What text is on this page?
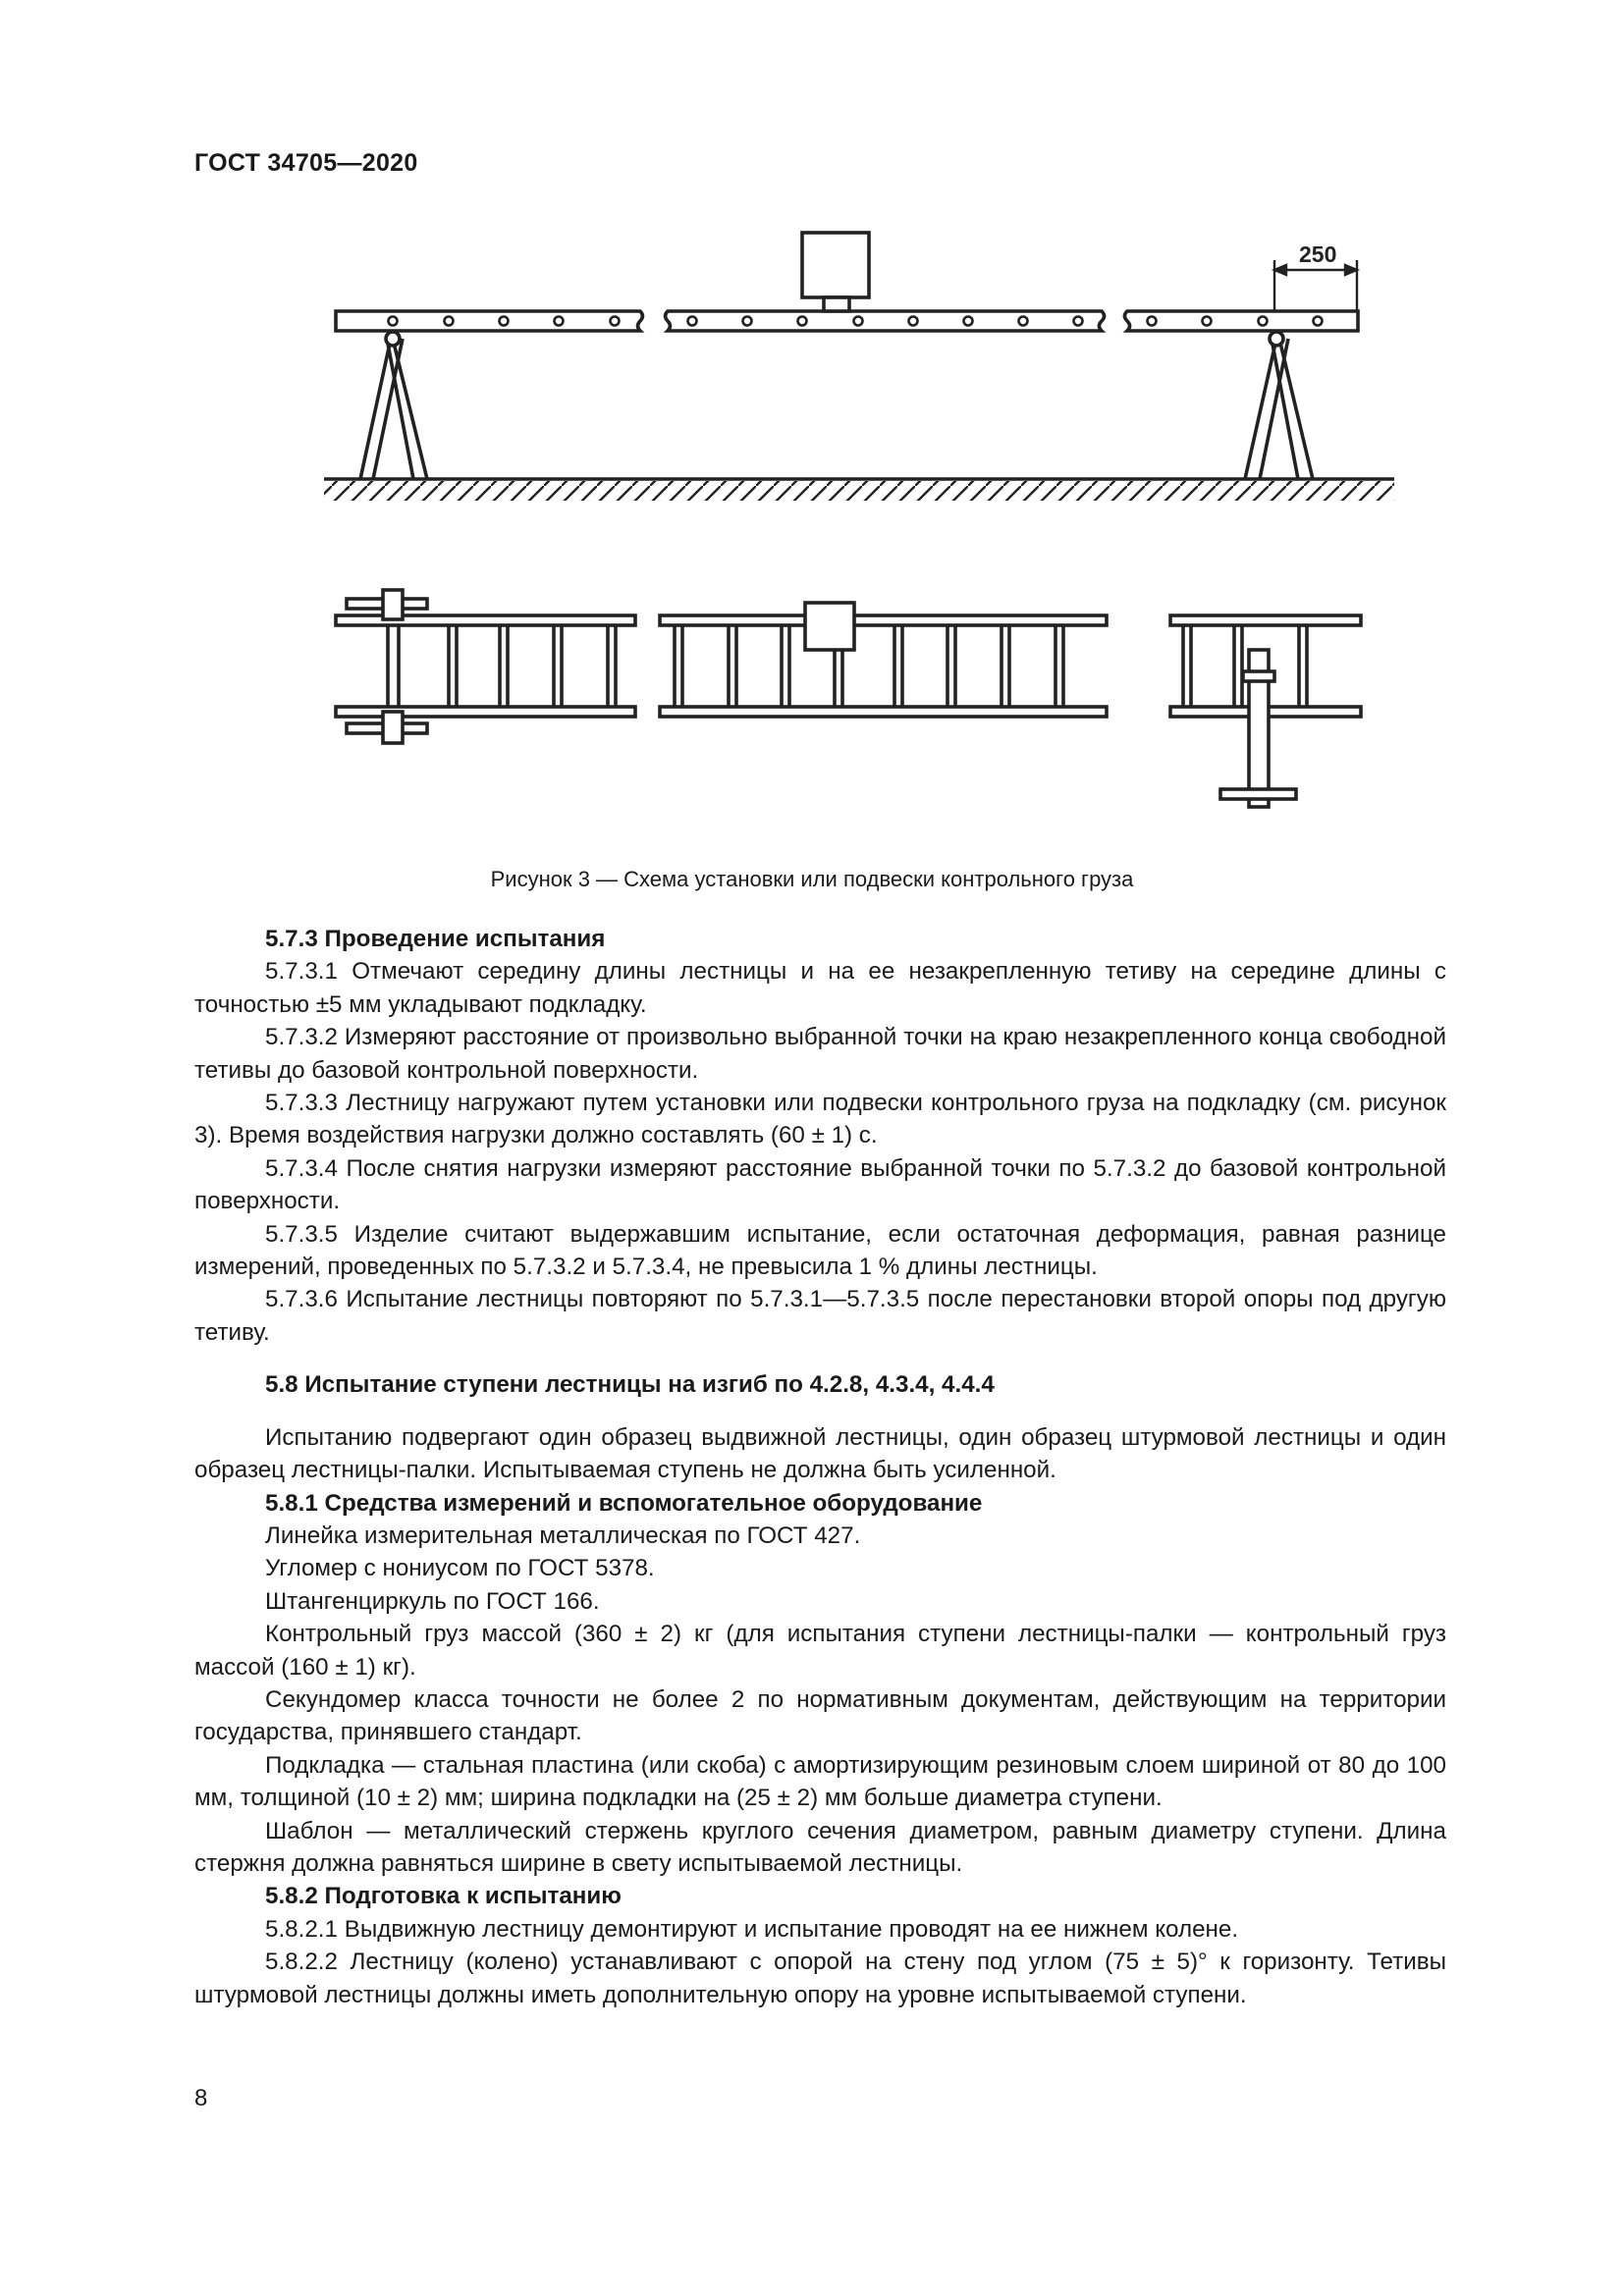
ГОСТ 34705—2020
250
Рисунок 3 — Схема установки или подвески контрольного груза

5.7.3 Проведение испытания

5.7.3.1 Отмечают середину длины лестницы и на ее незакрепленную тетиву на середине длины с точностью ±5 мм укладывают подкладку.

5.7.3.2 Измеряют расстояние от произвольно выбранной точки на краю незакрепленного конца свободной тетивы до базовой контрольной поверхности.

5.7.3.3 Лестницу нагружают путем установки или подвески контрольного груза на подкладку (см. рисунок 3). Время воздействия нагрузки должно составлять (60 ± 1) с.

5.7.3.4 После снятия нагрузки измеряют расстояние выбранной точки по 5.7.3.2 до базовой контрольной поверхности.

5.7.3.5 Изделие считают выдержавшим испытание, если остаточная деформация, равная разнице измерений, проведенных по 5.7.3.2 и 5.7.3.4, не превысила 1 % длины лестницы.

5.7.3.6 Испытание лестницы повторяют по 5.7.3.1—5.7.3.5 после перестановки второй опоры под другую тетиву.

5.8 Испытание ступени лестницы на изгиб по 4.2.8, 4.3.4, 4.4.4

Испытанию подвергают один образец выдвижной лестницы, один образец штурмовой лестницы и один образец лестницы-палки. Испытываемая ступень не должна быть усиленной.

5.8.1 Средства измерений и вспомогательное оборудование

Линейка измерительная металлическая по ГОСТ 427.

Угломер с нониусом по ГОСТ 5378.

Штангенциркуль по ГОСТ 166.

Контрольный груз массой (360 ± 2) кг (для испытания ступени лестницы-палки — контрольный груз массой (160 ± 1) кг).

Секундомер класса точности не более 2 по нормативным документам, действующим на территории государства, принявшего стандарт.

Подкладка — стальная пластина (или скоба) с амортизирующим резиновым слоем шириной от 80 до 100 мм, толщиной (10 ± 2) мм; ширина подкладки на (25 ± 2) мм больше диаметра ступени.

Шаблон — металлический стержень круглого сечения диаметром, равным диаметру ступени. Длина стержня должна равняться ширине в свету испытываемой лестницы.

5.8.2 Подготовка к испытанию

5.8.2.1 Выдвижную лестницу демонтируют и испытание проводят на ее нижнем колене.

5.8.2.2 Лестницу (колено) устанавливают с опорой на стену под углом (75 ± 5)° к горизонту. Тетивы штурмовой лестницы должны иметь дополнительную опору на уровне испытываемой ступени.

8
